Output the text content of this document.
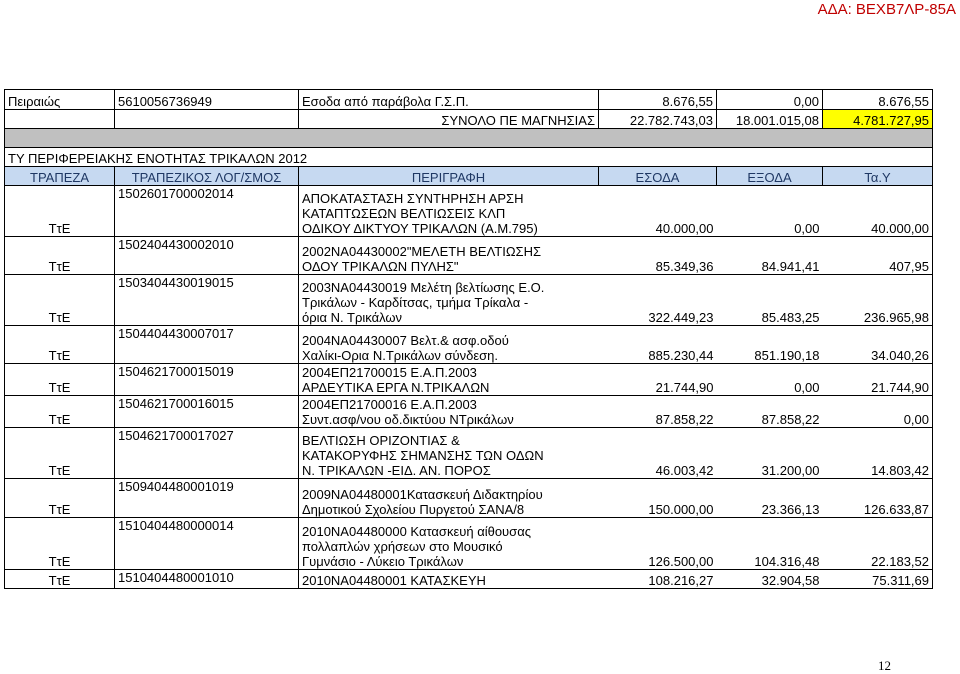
ΑΔΑ: ΒΕΧΒ7ΛΡ-85Α
Πειραιώς	5610056736949	Εσοδα από παράβολα Γ.Σ.Π.	8.676,55	0,00	8.676,55
		ΣΥΝΟΛΟ ΠΕ ΜΑΓΝΗΣΙΑΣ	22.782.743,03	18.001.015,08	4.781.727,95

ΤΥ ΠΕΡΙΦΕΡΕΙΑΚΗΣ ΕΝΟΤΗΤΑΣ ΤΡΙΚΑΛΩΝ 2012					
ΤΡΑΠΕΖΑ	ΤΡΑΠΕΖΙΚΟΣ ΛΟΓ/ΣΜΟΣ	ΠΕΡΙΓΡΑΦΗ	ΕΣΟΔΑ	ΕΞΟΔΑ	Τα.Υ
ΤτΕ	1502601700002014	ΑΠΟΚΑΤΑΣΤΑΣΗ ΣΥΝΤΗΡΗΣΗ ΑΡΣΗ
ΚΑΤΑΠΤΩΣΕΩΝ ΒΕΛΤΙΩΣΕΙΣ ΚΛΠ
ΟΔΙΚΟΥ ΔΙΚΤΥΟΥ ΤΡΙΚΑΛΩΝ (Α.Μ.795)	40.000,00	0,00	40.000,00
ΤτΕ	1502404430002010	2002ΝΑ04430002"ΜΕΛΕΤΗ ΒΕΛΤΙΩΣΗΣ
ΟΔΟΥ ΤΡΙΚΑΛΩΝ ΠΥΛΗΣ"	85.349,36	84.941,41	407,95
ΤτΕ	1503404430019015	2003ΝΑ04430019 Μελέτη βελτίωσης Ε.Ο.
Τρικάλων - Καρδίτσας, τμήμα Τρίκαλα -
όρια Ν. Τρικάλων	322.449,23	85.483,25	236.965,98
ΤτΕ	1504404430007017	2004ΝΑ04430007 Βελτ.& ασφ.οδού
Χαλίκι-Ορια Ν.Τρικάλων σύνδεση.	885.230,44	851.190,18	34.040,26
ΤτΕ	1504621700015019	2004ΕΠ21700015 Ε.Α.Π.2003
ΑΡΔΕΥΤΙΚΑ ΕΡΓΑ Ν.ΤΡΙΚΑΛΩΝ	21.744,90	0,00	21.744,90
ΤτΕ	1504621700016015	2004ΕΠ21700016 Ε.Α.Π.2003
Συντ.ασφ/νου οδ.δικτύου ΝΤρικάλων	87.858,22	87.858,22	0,00
ΤτΕ	1504621700017027	ΒΕΛΤΙΩΣΗ ΟΡΙΖΟΝΤΙΑΣ &
ΚΑΤΑΚΟΡΥΦΗΣ ΣΗΜΑΝΣΗΣ ΤΩΝ ΟΔΩΝ
Ν. ΤΡΙΚΑΛΩΝ -ΕΙΔ. ΑΝ. ΠΟΡΟΣ	46.003,42	31.200,00	14.803,42
ΤτΕ	1509404480001019	2009ΝΑ04480001Κατασκευή Διδακτηρίου
Δημοτικού Σχολείου Πυργετού ΣΑΝΑ/8	150.000,00	23.366,13	126.633,87
ΤτΕ	1510404480000014	2010ΝΑ04480000 Κατασκευή αίθουσας
πολλαπλών χρήσεων στο Μουσικό
Γυμνάσιο - Λύκειο Τρικάλων	126.500,00	104.316,48	22.183,52
ΤτΕ	1510404480001010	2010ΝΑ04480001 ΚΑΤΑΣΚΕΥΗ	108.216,27	32.904,58	75.311,69
12
